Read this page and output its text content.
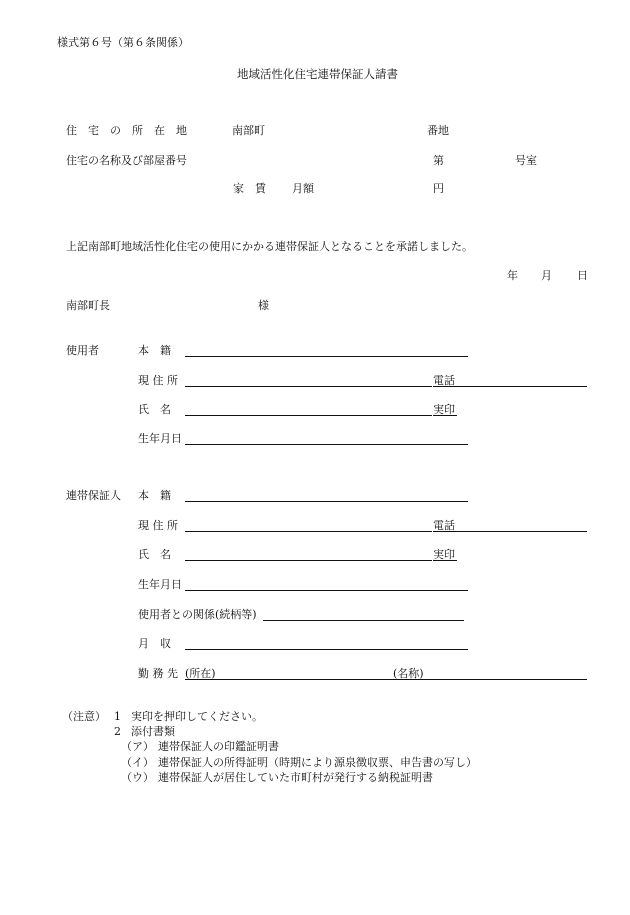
様式第６号（第６条関係）
地域活性化住宅連帯保証人請書
住　宅　の　所　在　地	南部町	番地
住宅の名称及び部屋番号	第	号室
家　賃 月額	円
上記南部町地域活性化住宅の使用にかかる連帯保証人となることを承諾しました。
年 月 日
南部町長	様
使用者	本　籍
現 住 所	電話
氏　名	実印
生年月日
連帯保証人 本　籍
現 住 所	電話
氏　名	実印
生年月日
使用者との関係(続柄等)
月　収
勤 務 先 (所在)	(名称)
（注意） 1 実印を押印してください。
2 添付書類
（ア） 連帯保証人の印鑑証明書
（イ） 連帯保証人の所得証明（時期により源泉徴収票、申告書の写し）
（ウ） 連帯保証人が居住していた市町村が発行する納税証明書
